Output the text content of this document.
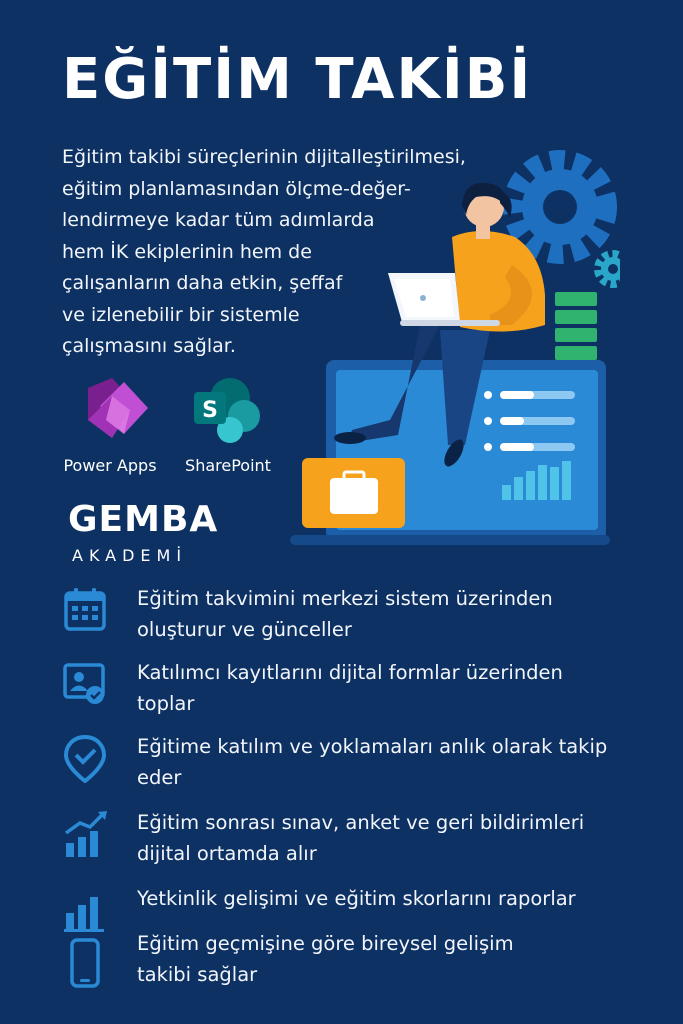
EĞİTİM TAKİBİ
Eğitim takibi süreçlerinin dijitalleştirilmesi,
eğitim planlamasından ölçme-değer-
lendirmeye kadar tüm adımlarda
hem İK ekiplerinin hem de
çalışanların daha etkin, şeffaf
ve izlenebilir bir sistemle
çalışmasını sağlar.
Power Apps
S
SharePoint
GEMBA
AKADEMİ
Eğitim takvimini merkezi sistem üzerinden
oluşturur ve günceller
Katılımcı kayıtlarını dijital formlar üzerinden
toplar
Eğitime katılım ve yoklamaları anlık olarak takip
eder
Eğitim sonrası sınav, anket ve geri bildirimleri
dijital ortamda alır
Yetkinlik gelişimi ve eğitim skorlarını raporlar
Eğitim geçmişine göre bireysel gelişim
takibi sağlar
